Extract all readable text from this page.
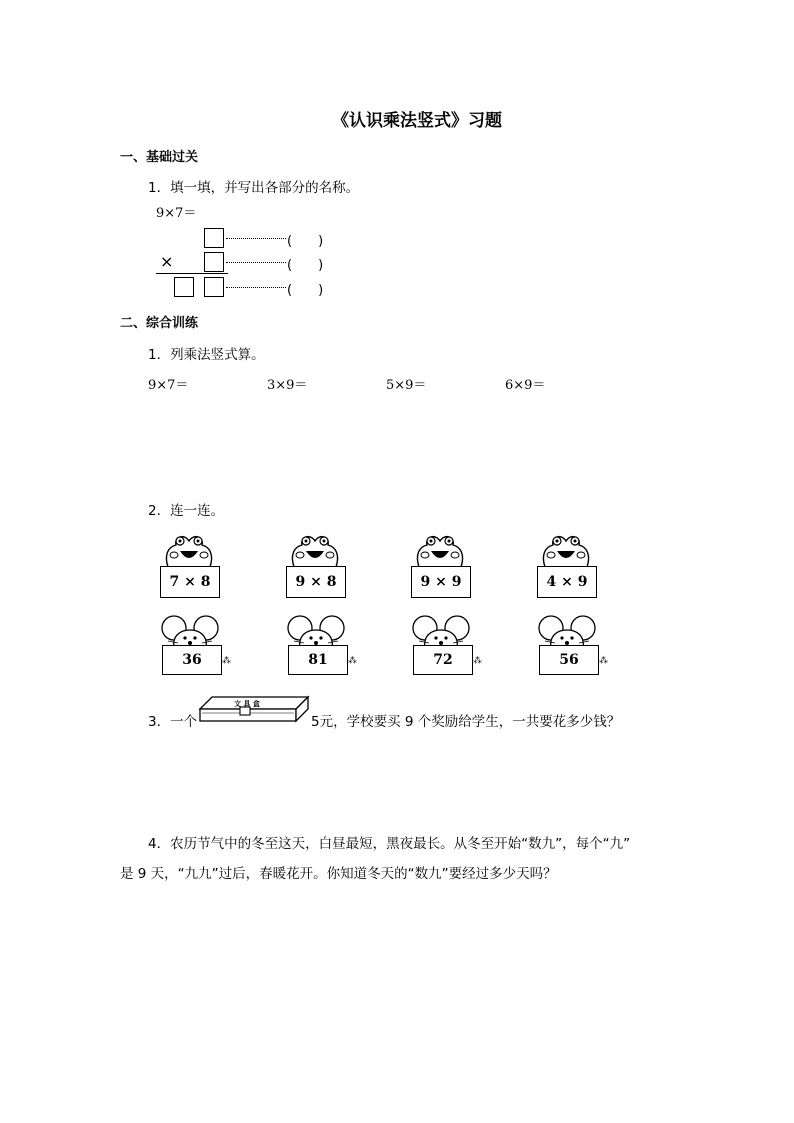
《认识乘法竖式》习题
一、基础过关
1．填一填，并写出各部分的名称。
9×7＝
(　　)
×	(　　)
(　　)
二、综合训练
1．列乘法竖式算。
9×7＝	3×9＝	5×9＝	6×9＝
2．连一连。
7 × 8	9 × 8	9 × 9	4 × 9
36	⁂	81	⁂	72	⁂	56	⁂
3．一个
文 具 盒
5元，学校要买 9 个奖励给学生，一共要花多少钱？
4．农历节气中的冬至这天，白昼最短，黑夜最长。从冬至开始“数九”，每个“九”
是 9 天，“九九”过后，春暖花开。你知道冬天的“数九”要经过多少天吗？
